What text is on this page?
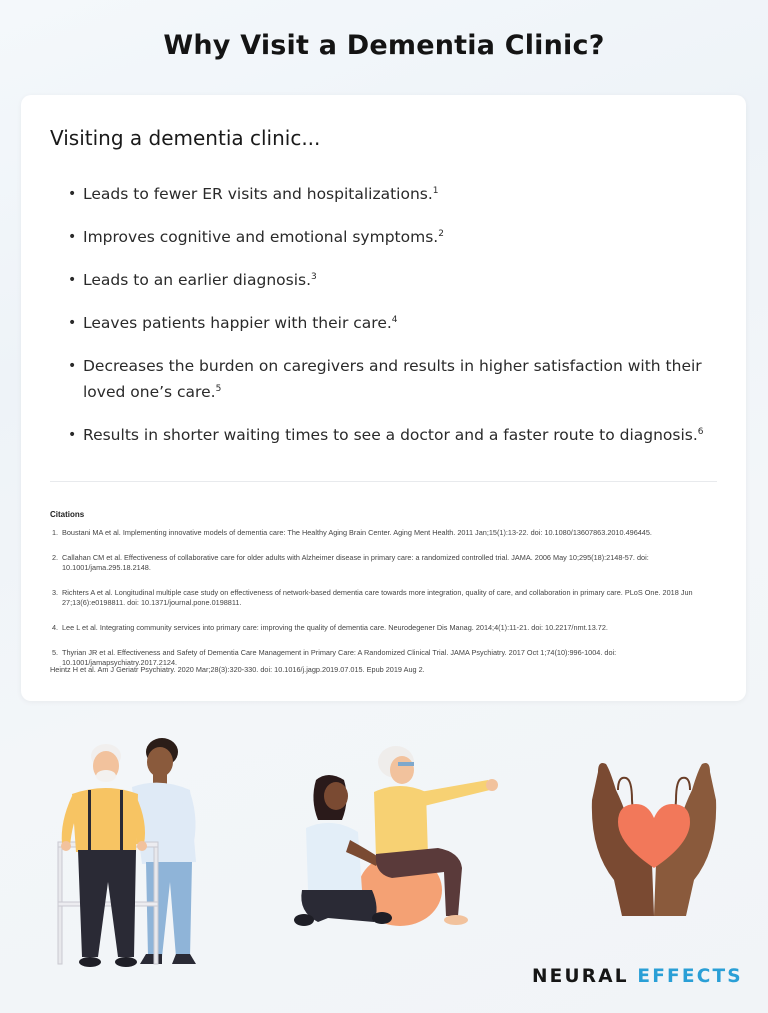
Why Visit a Dementia Clinic?
Visiting a dementia clinic...
• Leads to fewer ER visits and hospitalizations.$^1$
• Improves cognitive and emotional symptoms.$^2$
• Leads to an earlier diagnosis.$^3$
• Leaves patients happier with their care.$^4$
• Decreases the burden on caregivers and results in higher satisfaction with their loved one’s care.$^5$
• Results in shorter waiting times to see a doctor and a faster route to diagnosis.$^6$
Citations
1. Boustani MA et al. Implementing innovative models of dementia care: The Healthy Aging Brain Center. Aging Ment Health. 2011 Jan;15(1):13-22. doi: 10.1080/13607863.2010.496445.
2. Callahan CM et al. Effectiveness of collaborative care for older adults with Alzheimer disease in primary care: a randomized controlled trial. JAMA. 2006 May 10;295(18):2148-57. doi: 10.1001/jama.295.18.2148.
3. Richters A et al. Longitudinal multiple case study on effectiveness of network-based dementia care towards more integration, quality of care, and collaboration in primary care. PLoS One. 2018 Jun 27;13(6):e0198811. doi: 10.1371/journal.pone.0198811.
4. Lee L et al. Integrating community services into primary care: improving the quality of dementia care. Neurodegener Dis Manag. 2014;4(1):11-21. doi: 10.2217/nmt.13.72.
5. Thyrian JR et al. Effectiveness and Safety of Dementia Care Management in Primary Care: A Randomized Clinical Trial. JAMA Psychiatry. 2017 Oct 1;74(10):996-1004. doi: 10.1001/jamapsychiatry.2017.2124.
Heintz H et al. Am J Geriatr Psychiatry. 2020 Mar;28(3):320-330. doi: 10.1016/j.jagp.2019.07.015. Epub 2019 Aug 2.
NEURAL EFFECTS
